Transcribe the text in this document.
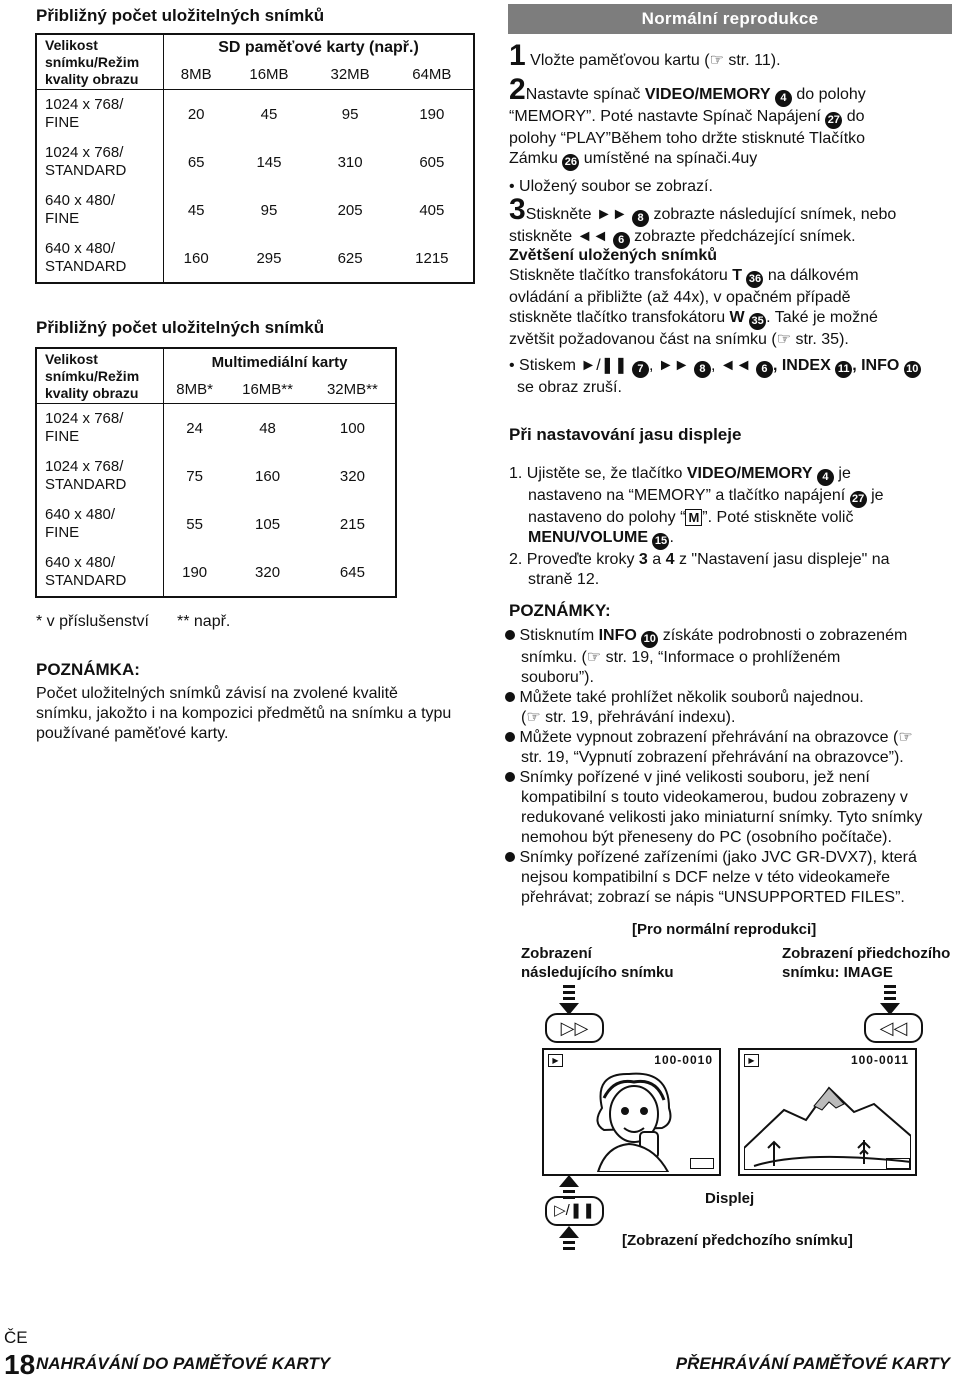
Přibližný počet uložitelných snímků
Velikost
snímku/Režim
kvality obrazu	SD paměťové karty (např.)			
	8MB	16MB	32MB	64MB

1024 x 768/
FINE	20	45	95	190

1024 x 768/
STANDARD	65	145	310	605

640 x 480/
FINE	45	95	205	405

640 x 480/
STANDARD	160	295	625	1215
Přibližný počet uložitelných snímků
Velikost
snímku/Režim
kvality obrazu	Multimediální karty		
	8MB*	16MB**	32MB**

1024 x 768/
FINE	24	48	100

1024 x 768/
STANDARD	75	160	320

640 x 480/
FINE	55	105	215

640 x 480/
STANDARD	190	320	645
* v příslušenství ** např.
POZNÁMKA:
Počet uložitelných snímků závisí na zvolené kvalitě snímku, jakožto i na kompozici předmětů na snímku a typu používané paměťové karty.
Normální reprodukce
1 Vložte paměťovou kartu (☞ str. 11).
2Nastavte spínač VIDEO/MEMORY 4 do polohy
“MEMORY”. Poté nastavte Spínač Napájení 27 do
polohy “PLAY”Během toho držte stisknuté Tlačítko
Zámku 26 umístěné na spínači.4uy
• Uložený soubor se zobrazí.
3Stiskněte ►► 8 zobrazte následující snímek, nebo
stiskněte ◄◄ 6 zobrazte předcházející snímek.
Zvětšení uložených snímků
Stiskněte tlačítko transfokátoru T 36 na dálkovém
ovládání a přibližte (až 44x), v opačném případě
stiskněte tlačítko transfokátoru W 35 . Také je možné
zvětšit požadovanou část na snímku (☞ str. 35).
• Stiskem ►/❚❚ 7 , ►► 8 , ◄◄ 6 , INDEX 11 , INFO 10
se obraz zruší.
Při nastavování jasu displeje
1. Ujistěte se, že tlačítko VIDEO/MEMORY 4 je
nastaveno na “MEMORY” a tlačítko napájení 27 je
nastaveno do polohy “ M ”. Poté stiskněte volič
MENU/VOLUME 15 .
2. Proveďte kroky 3 a 4 z "Nastavení jasu displeje" na
straně 12.
POZNÁMKY:
Stisknutím INFO 10 získáte podrobnosti o zobrazeném
snímku. (☞ str. 19, “Informace o prohlíženém
souboru”).
Můžete také prohlížet několik souborů najednou.
(☞ str. 19, přehrávání indexu).
Můžete vypnout zobrazení přehrávání na obrazovce (☞
str. 19, “Vypnutí zobrazení přehrávání na obrazovce”).
Snímky pořízené v jiné velikosti souboru, jež není
kompatibilní s touto videokamerou, budou zobrazeny v
redukované velikosti jako miniaturní snímky. Tyto snímky
nemohou být přeneseny do PC (osobního počítače).
Snímky pořízené zařízeními (jako JVC GR-DVX7), která
nejsou kompatibilní s DCF nelze v této videokameře
přehrávat; zobrazí se nápis “UNSUPPORTED FILES”.
[Pro normální reprodukci]
Zobrazení
následujícího snímku
Zobrazení přiedchozího
snímku: IMAGE
▷▷	◁◁
▶	100-0010	▶	100-0011
Displej
▷/❚❚
[Zobrazení předchozího snímku]
ČE
18 NAHRÁVÁNÍ DO PAMĚŤOVÉ KARTY	PŘEHRÁVÁNÍ PAMĚŤOVÉ KARTY
